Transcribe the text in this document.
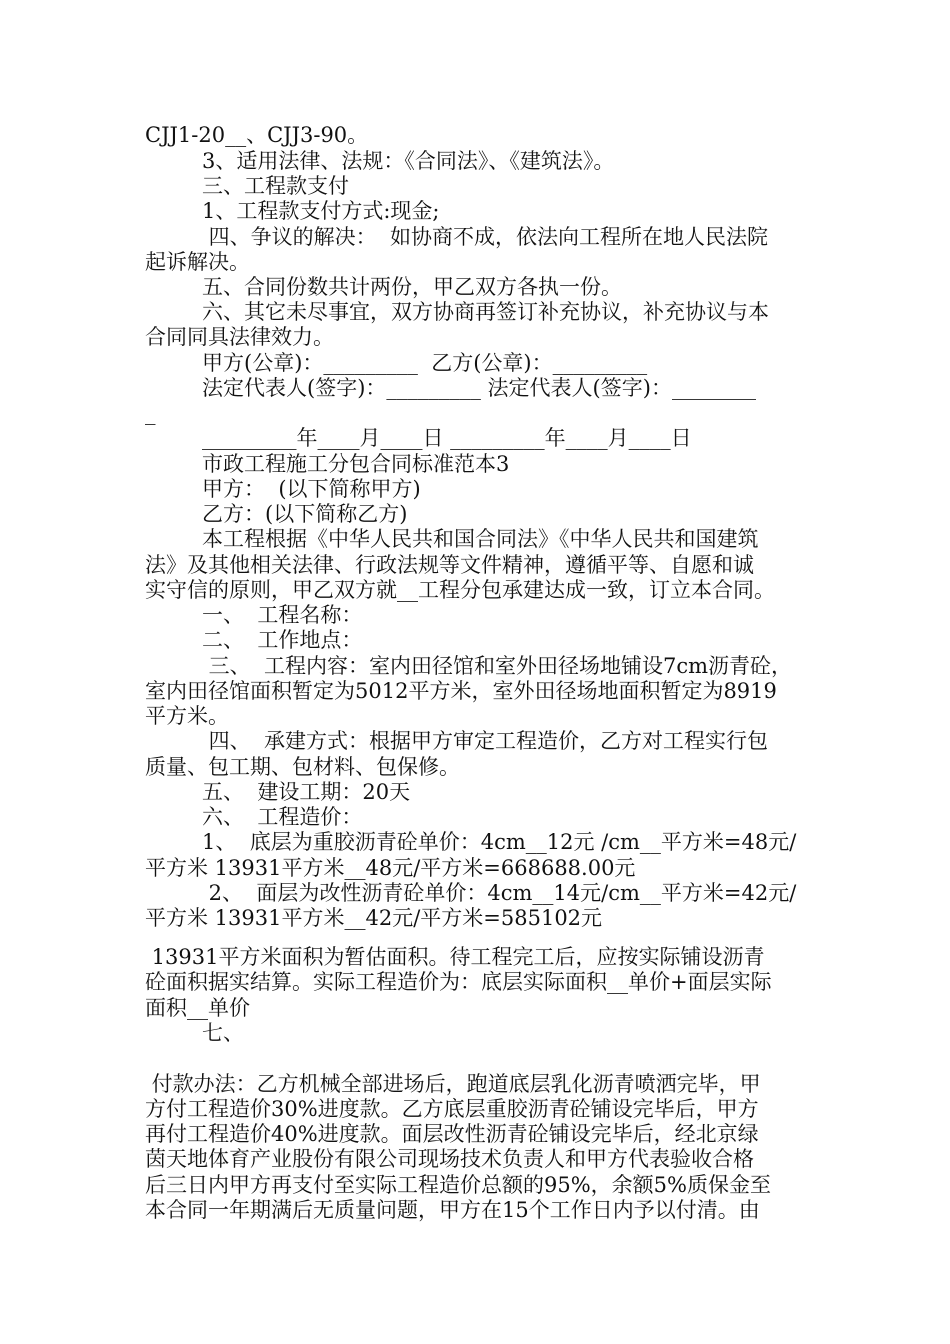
CJJ1-20__、CJJ3-90。
3、适用法律、法规：《合同法》、《建筑法》。
三、工程款支付
1、工程款支付方式:现金;
四、争议的解决：  如协商不成，依法向工程所在地人民法院
起诉解决。
五、合同份数共计两份，甲乙双方各执一份。
六、其它未尽事宜，双方协商再签订补充协议，补充协议与本
合同同具法律效力。
甲方(公章)：_________  乙方(公章)：_________
法定代表人(签字)：_________ 法定代表人(签字)：________
_
_________年____月____日 _________年____月____日
市政工程施工分包合同标准范本3
甲方：  (以下简称甲方)
乙方：(以下简称乙方)
本工程根据《中华人民共和国合同法》《中华人民共和国建筑
法》及其他相关法律、行政法规等文件精神，遵循平等、自愿和诚
实守信的原则，甲乙双方就__工程分包承建达成一致，订立本合同。
一、  工程名称：
二、  工作地点：
三、  工程内容：室内田径馆和室外田径场地铺设7cm沥青砼，
室内田径馆面积暂定为5012平方米，室外田径场地面积暂定为8919
平方米。
四、  承建方式：根据甲方审定工程造价，乙方对工程实行包
质量、包工期、包材料、包保修。
五、  建设工期：20天
六、  工程造价：
1、  底层为重胶沥青砼单价：4cm__12元 /cm__平方米=48元/
平方米 13931平方米__48元/平方米=668688.00元
2、  面层为改性沥青砼单价：4cm__14元/cm__平方米=42元/
平方米 13931平方米__42元/平方米=585102元
13931平方米面积为暂估面积。待工程完工后，应按实际铺设沥青
砼面积据实结算。实际工程造价为：底层实际面积__单价+面层实际
面积__单价
七、
付款办法：乙方机械全部进场后，跑道底层乳化沥青喷洒完毕，甲
方付工程造价30%进度款。乙方底层重胶沥青砼铺设完毕后，甲方
再付工程造价40%进度款。面层改性沥青砼铺设完毕后，经北京绿
茵天地体育产业股份有限公司现场技术负责人和甲方代表验收合格
后三日内甲方再支付至实际工程造价总额的95%，余额5%质保金至
本合同一年期满后无质量问题，甲方在15个工作日内予以付清。由
